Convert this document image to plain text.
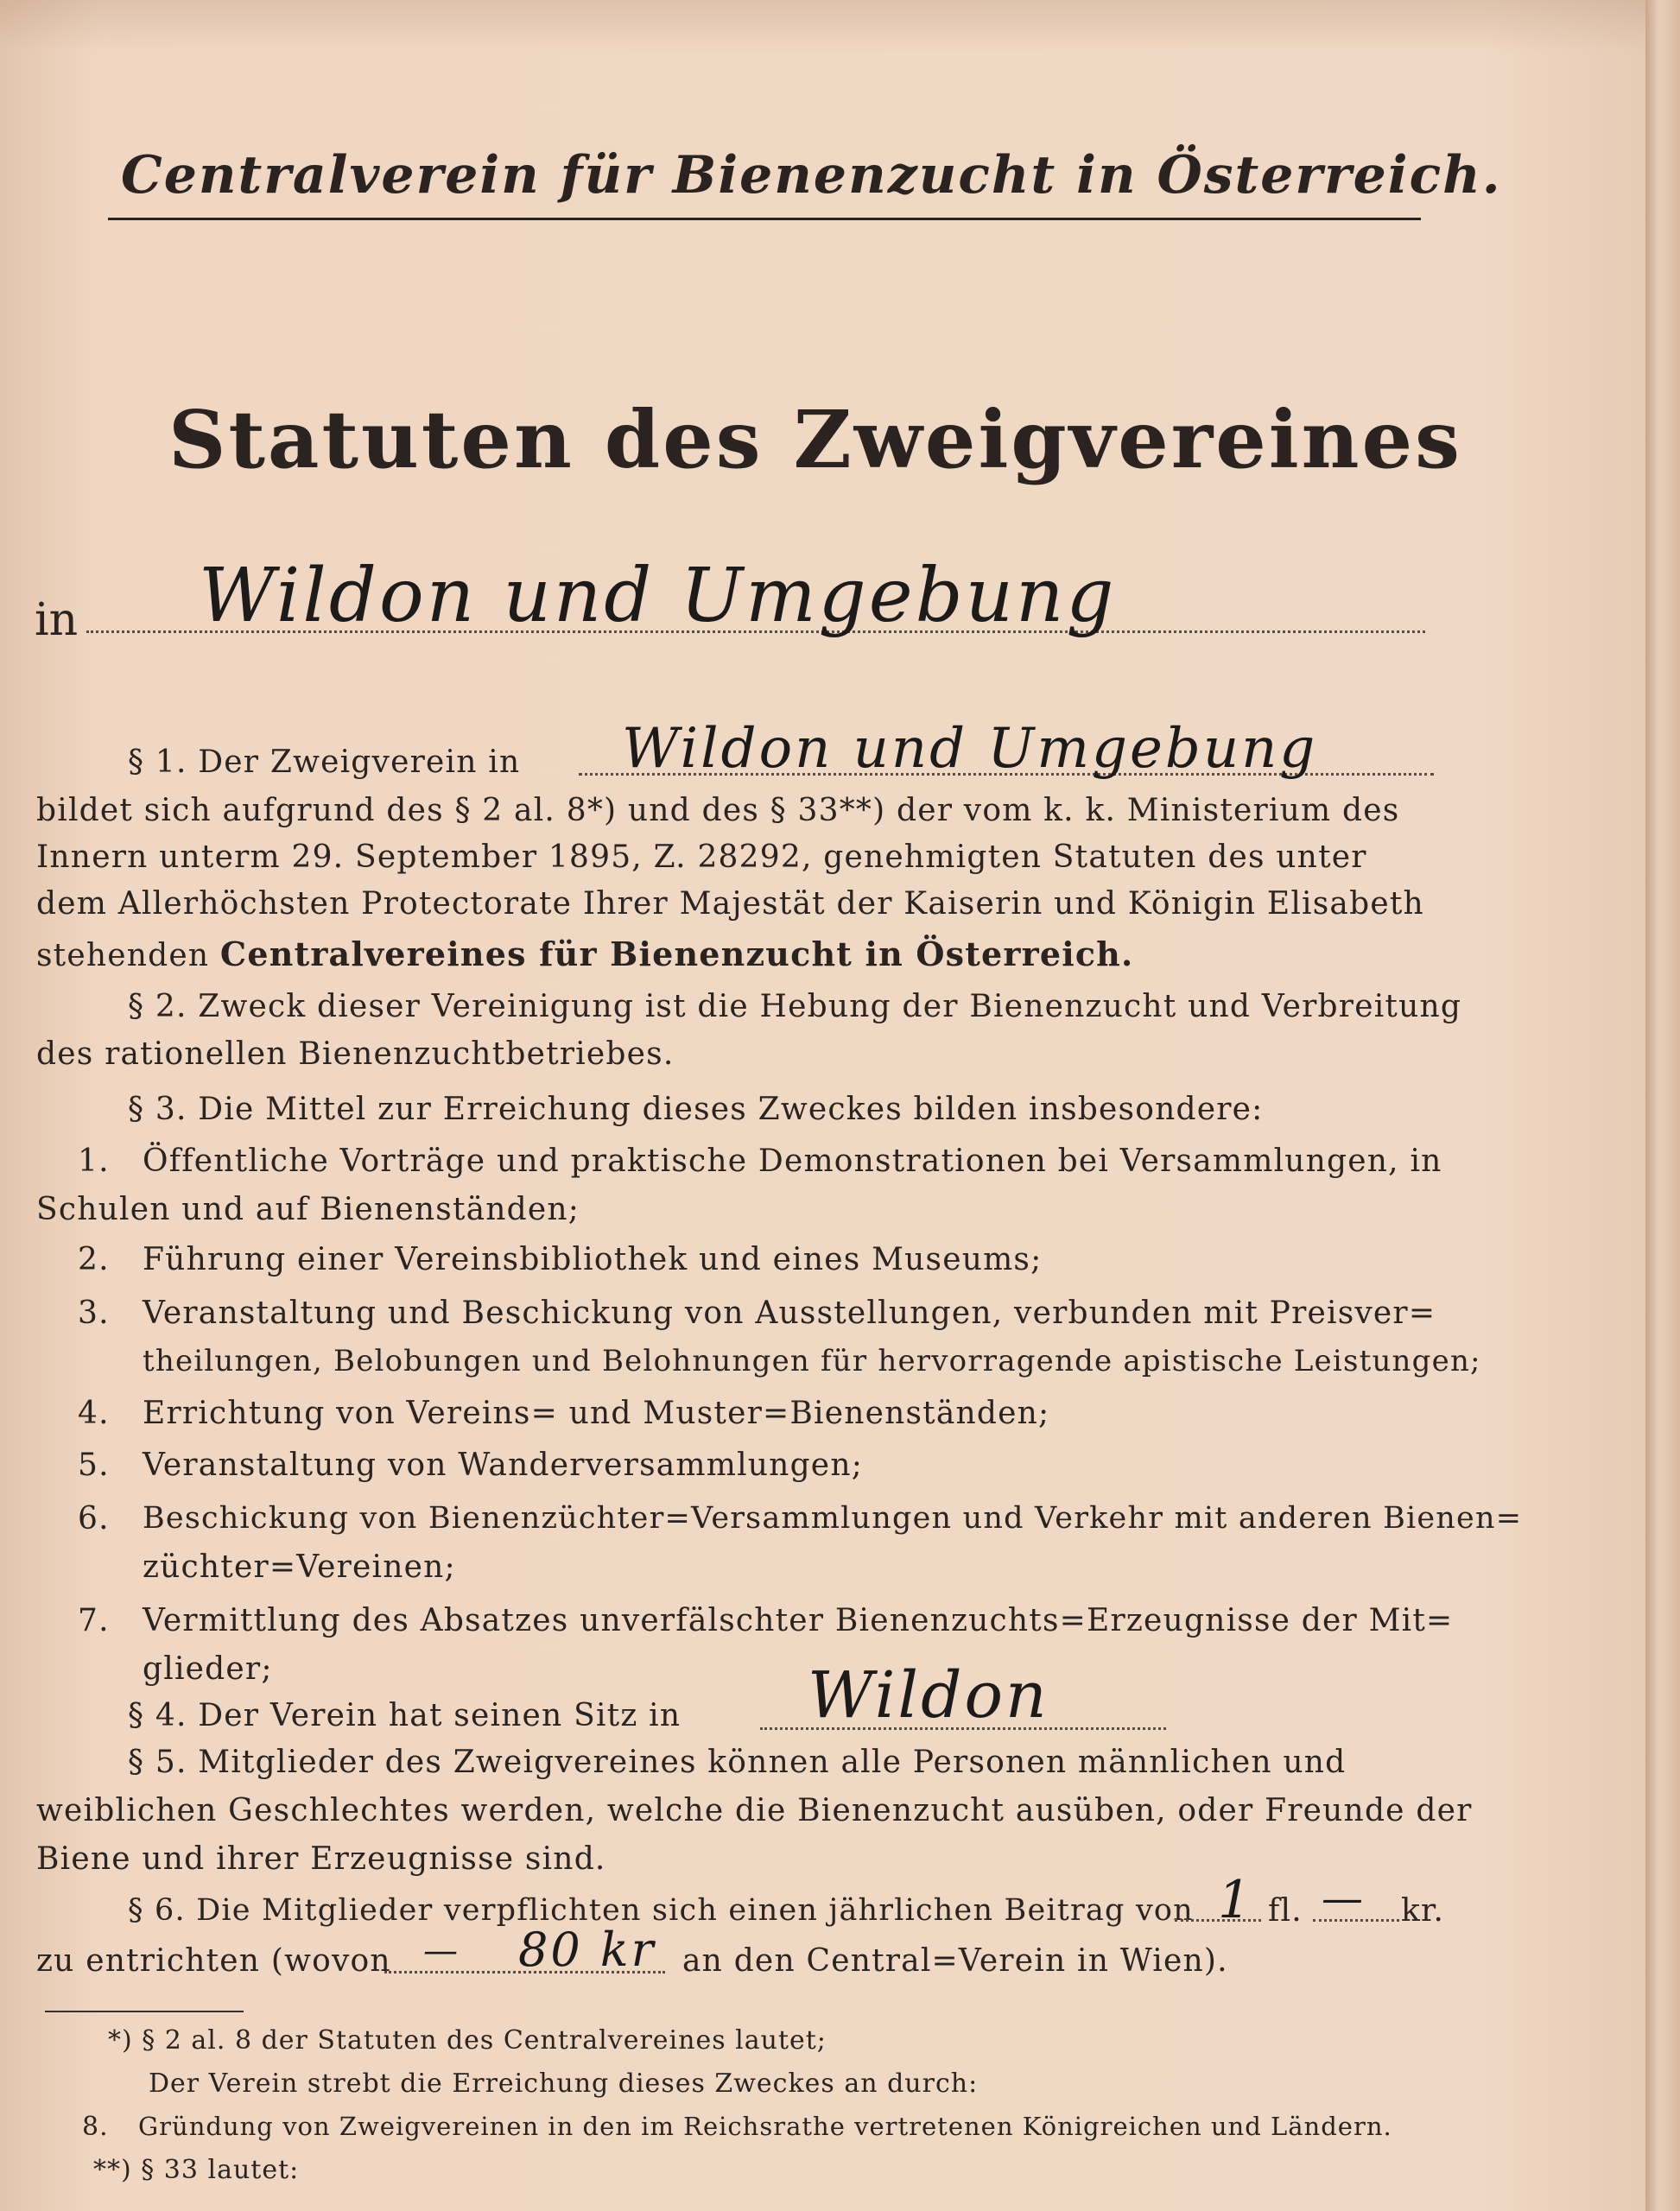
Centralverein für Bienenzucht in Österreich.
Statuten des Zweigvereines
in Wildon und Umgebung
§ 1. Der Zweigverein in Wildon und Umgebung
bildet sich aufgrund des § 2 al. 8*) und des § 33**) der vom k. k. Ministerium des
Innern unterm 29. September 1895, Z. 28292, genehmigten Statuten des unter
dem Allerhöchsten Protectorate Ihrer Majestät der Kaiserin und Königin Elisabeth
stehenden Centralvereines für Bienenzucht in Österreich.
§ 2. Zweck dieser Vereinigung ist die Hebung der Bienenzucht und Verbreitung
des rationellen Bienenzuchtbetriebes.
§ 3. Die Mittel zur Erreichung dieses Zweckes bilden insbesondere:
1. Öffentliche Vorträge und praktische Demonstrationen bei Versammlungen, in
Schulen und auf Bienenständen;
2. Führung einer Vereinsbibliothek und eines Museums;
3. Veranstaltung und Beschickung von Ausstellungen, verbunden mit Preisver=
theilungen, Belobungen und Belohnungen für hervorragende apistische Leistungen;
4. Errichtung von Vereins= und Muster=Bienenständen;
5. Veranstaltung von Wanderversammlungen;
6. Beschickung von Bienenzüchter=Versammlungen und Verkehr mit anderen Bienen=
züchter=Vereinen;
7. Vermittlung des Absatzes unverfälschter Bienenzuchts=Erzeugnisse der Mit=
glieder;
§ 4. Der Verein hat seinen Sitz in Wildon
§ 5. Mitglieder des Zweigvereines können alle Personen männlichen und
weiblichen Geschlechtes werden, welche die Bienenzucht ausüben, oder Freunde der
Biene und ihrer Erzeugnisse sind.
§ 6. Die Mitglieder verpflichten sich einen jährlichen Beitrag von 1 fl. — kr.
zu entrichten (wovon — 80 kr an den Central=Verein in Wien).
*) § 2 al. 8 der Statuten des Centralvereines lautet;
Der Verein strebt die Erreichung dieses Zweckes an durch:
8. Gründung von Zweigvereinen in den im Reichsrathe vertretenen Königreichen und Ländern.
**) § 33 lautet:
